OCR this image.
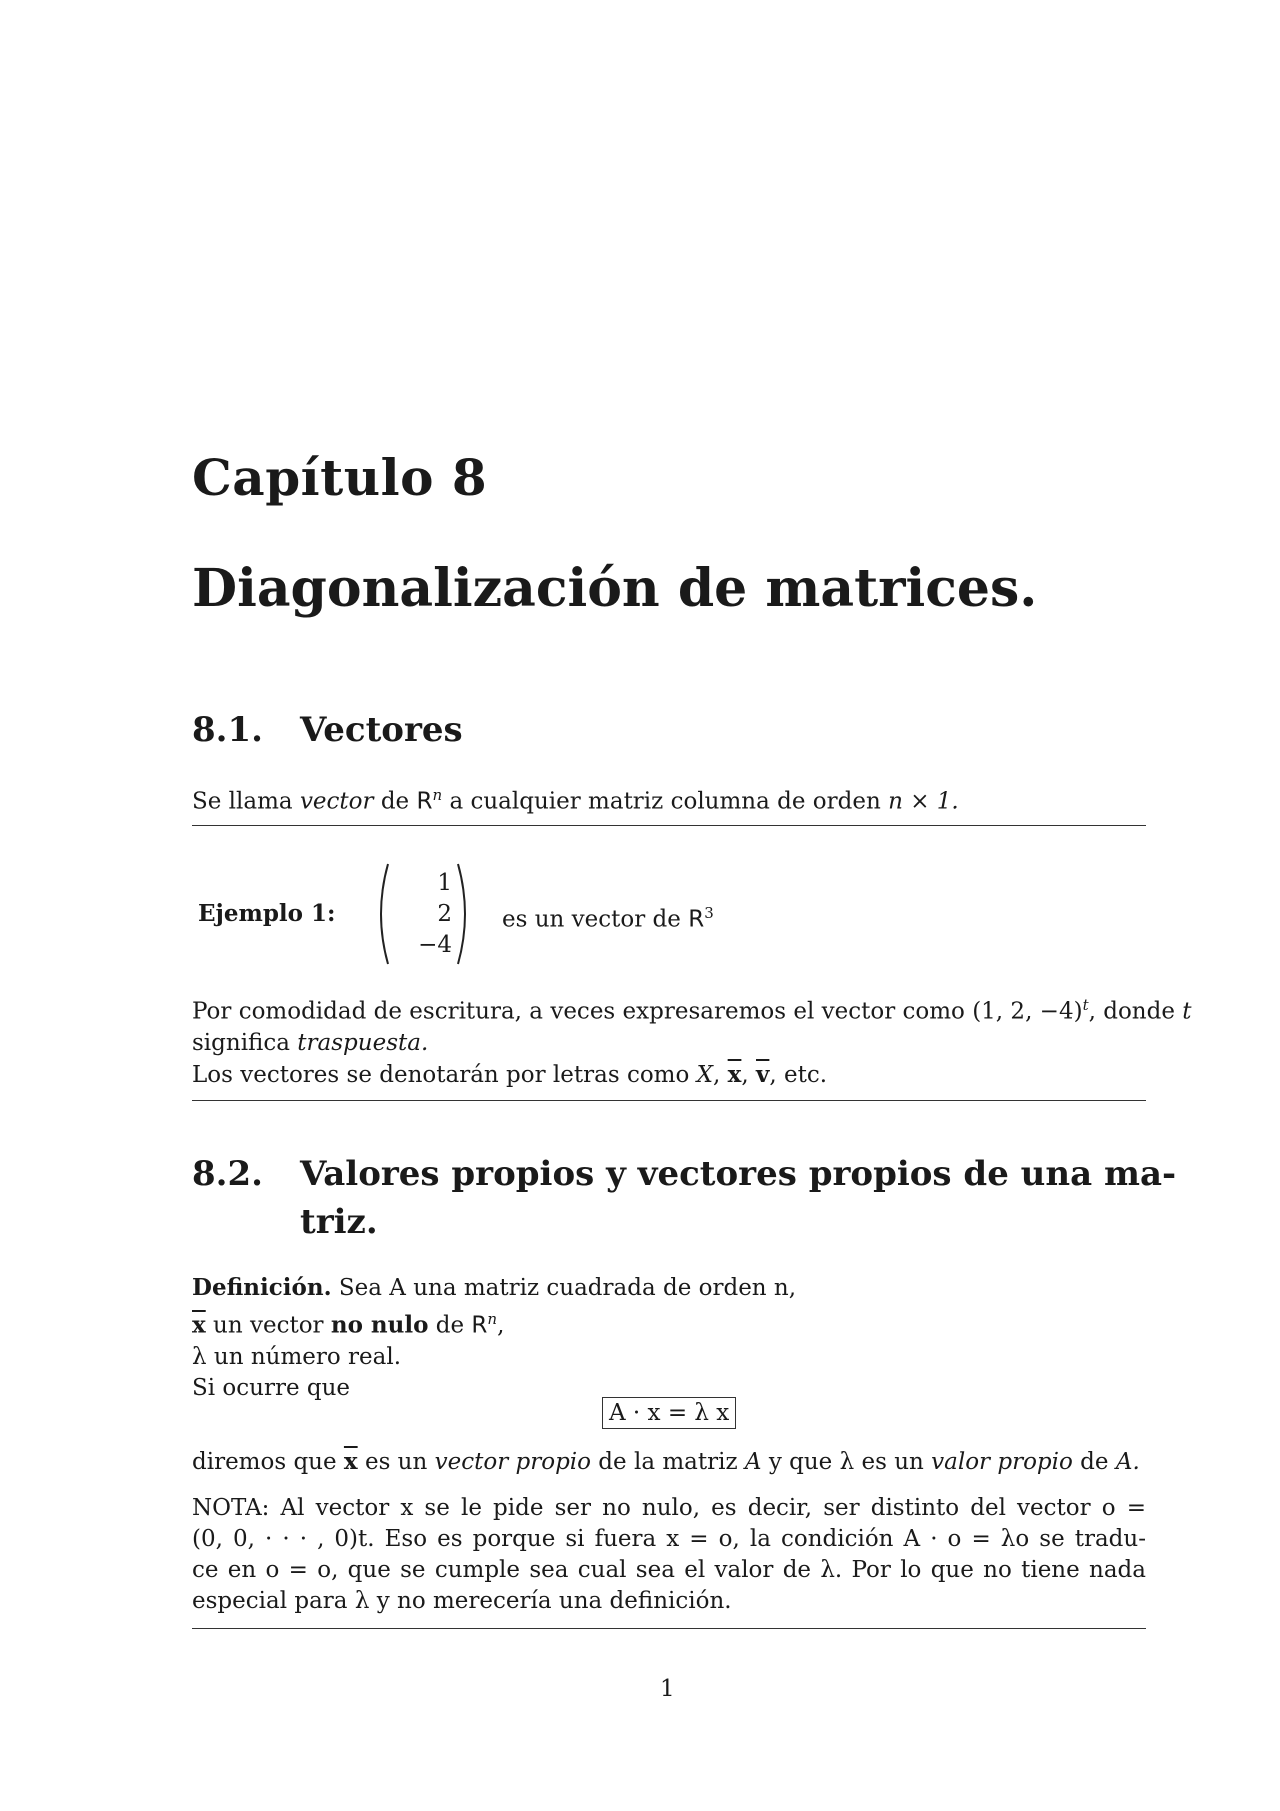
Capítulo 8
Diagonalización de matrices.
8.1. Vectores
Se llama vector de $R^n$ a cualquier matriz columna de orden n × 1.
Ejemplo 1:
1
2
−4
es un vector de $R^3$
Por comodidad de escritura, a veces expresaremos el vector como (1, 2, −4)$^t$, donde t
significa traspuesta.
Los vectores se denotarán por letras como X, $\overline{x}$, $\overline{v}$, etc.
8.2. Valores propios y vectores propios de una ma-
triz.
Definición. Sea A una matriz cuadrada de orden n,
$\overline{x}$ un vector no nulo de $R^n$,
λ un número real.
Si ocurre que
A · x = λ x
diremos que $\overline{x}$ es un vector propio de la matriz A y que λ es un valor propio de A.
NOTA: Al vector x se le pide ser no nulo, es decir, ser distinto del vector o =
(0, 0, · · · , 0)t. Eso es porque si fuera x = o, la condición A · o = λo se tradu-
ce en o = o, que se cumple sea cual sea el valor de λ. Por lo que no tiene nada
especial para λ y no merecería una definición.
1
